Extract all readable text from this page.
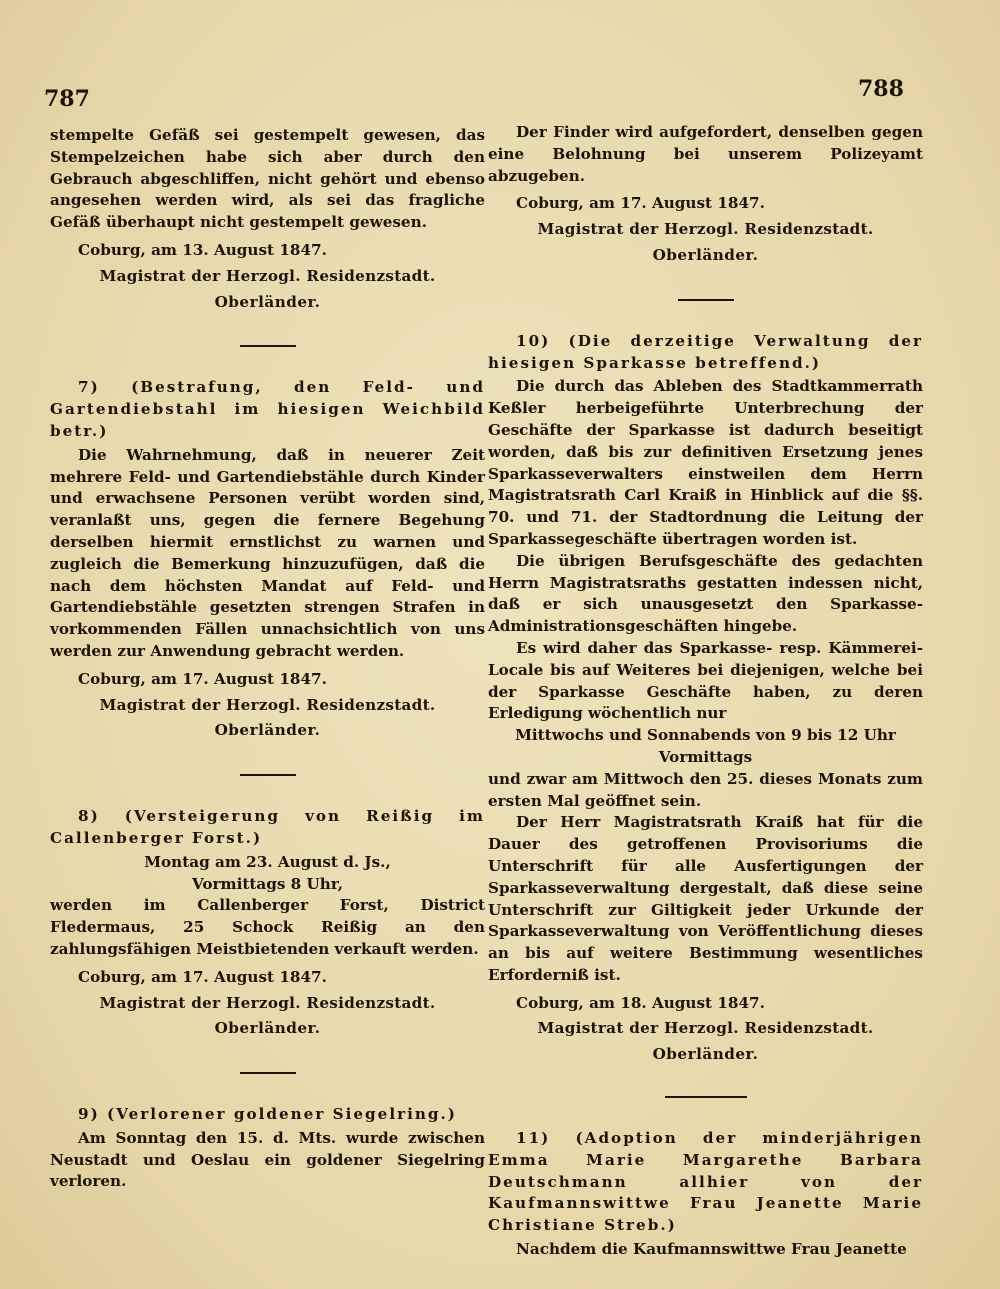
787	788

stempelte Gefäß sei gestempelt gewesen, das Stempelzeichen habe sich aber durch den Gebrauch abgeschliffen, nicht gehört und ebenso angesehen werden wird, als sei das fragliche Gefäß überhaupt nicht gestempelt gewesen.

Coburg, am 13. August 1847.

Magistrat der Herzogl. Residenzstadt.

Oberländer.

7) (Bestrafung, den Feld- und Gartendiebstahl im hiesigen Weichbild betr.)

Die Wahrnehmung, daß in neuerer Zeit mehrere Feld- und Gartendiebstähle durch Kinder und erwachsene Personen verübt worden sind, veranlaßt uns, gegen die fernere Begehung derselben hiermit ernstlichst zu warnen und zugleich die Bemerkung hinzuzufügen, daß die nach dem höchsten Mandat auf Feld- und Gartendiebstähle gesetzten strengen Strafen in vorkommenden Fällen unnachsichtlich von uns werden zur Anwendung gebracht werden.

Coburg, am 17. August 1847.

Magistrat der Herzogl. Residenzstadt.

Oberländer.

8) (Versteigerung von Reißig im Callenberger Forst.)

Montag am 23. August d. Js.,

Vormittags 8 Uhr,

werden im Callenberger Forst, District Fledermaus, 25 Schock Reißig an den zahlungsfähigen Meistbietenden verkauft werden.

Coburg, am 17. August 1847.

Magistrat der Herzogl. Residenzstadt.

Oberländer.

9) (Verlorener goldener Siegelring.)

Am Sonntag den 15. d. Mts. wurde zwischen Neustadt und Oeslau ein goldener Siegelring verloren.

Der Finder wird aufgefordert, denselben gegen eine Belohnung bei unserem Polizeyamt abzugeben.

Coburg, am 17. August 1847.

Magistrat der Herzogl. Residenzstadt.

Oberländer.

10) (Die derzeitige Verwaltung der hiesigen Sparkasse betreffend.)

Die durch das Ableben des Stadtkammerrath Keßler herbeigeführte Unterbrechung der Geschäfte der Sparkasse ist dadurch beseitigt worden, daß bis zur definitiven Ersetzung jenes Sparkasseverwalters einstweilen dem Herrn Magistratsrath Carl Kraiß in Hinblick auf die §§. 70. und 71. der Stadtordnung die Leitung der Sparkassegeschäfte übertragen worden ist.

Die übrigen Berufsgeschäfte des gedachten Herrn Magistratsraths gestatten indessen nicht, daß er sich unausgesetzt den Sparkasse-Administrationsgeschäften hingebe.

Es wird daher das Sparkasse- resp. Kämmerei-Locale bis auf Weiteres bei diejenigen, welche bei der Sparkasse Geschäfte haben, zu deren Erledigung wöchentlich nur

Mittwochs und Sonnabends von 9 bis 12 Uhr

Vormittags

und zwar am Mittwoch den 25. dieses Monats zum ersten Mal geöffnet sein.

Der Herr Magistratsrath Kraiß hat für die Dauer des getroffenen Provisoriums die Unterschrift für alle Ausfertigungen der Sparkasseverwaltung dergestalt, daß diese seine Unterschrift zur Giltigkeit jeder Urkunde der Sparkasseverwaltung von Veröffentlichung dieses an bis auf weitere Bestimmung wesentliches Erforderniß ist.

Coburg, am 18. August 1847.

Magistrat der Herzogl. Residenzstadt.

Oberländer.

11) (Adoption der minderjährigen Emma Marie Margarethe Barbara Deutschmann allhier von der Kaufmannswittwe Frau Jeanette Marie Christiane Streb.)

Nachdem die Kaufmannswittwe Frau Jeanette
